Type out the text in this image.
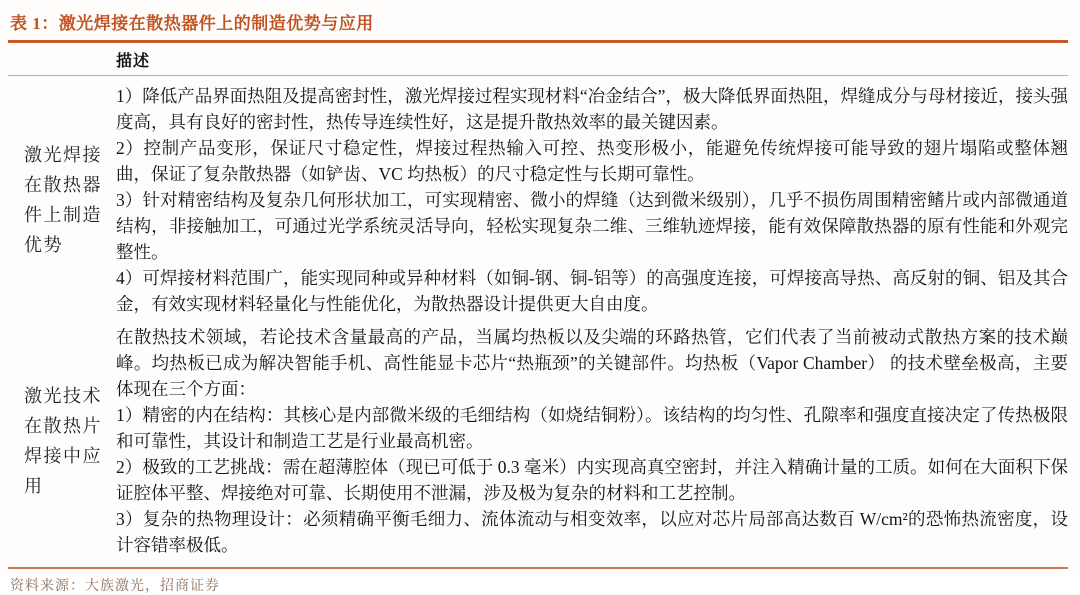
表 1：激光焊接在散热器件上的制造优势与应用
描述
激光焊接在散热器件上制造优势

1）降低产品界面热阻及提高密封性，激光焊接过程实现材料“冶金结合”，极大降低界面热阻，焊缝成分与母材接近，接头强度高，具有良好的密封性，热传导连续性好，这是提升散热效率的最关键因素。

2）控制产品变形，保证尺寸稳定性，焊接过程热输入可控、热变形极小，能避免传统焊接可能导致的翅片塌陷或整体翘曲，保证了复杂散热器（如铲齿、VC 均热板）的尺寸稳定性与长期可靠性。

3）针对精密结构及复杂几何形状加工，可实现精密、微小的焊缝（达到微米级别），几乎不损伤周围精密鳍片或内部微通道结构，非接触加工，可通过光学系统灵活导向，轻松实现复杂二维、三维轨迹焊接，能有效保障散热器的原有性能和外观完整性。

4）可焊接材料范围广，能实现同种或异种材料（如铜-钢、铜-铝等）的高强度连接，可焊接高导热、高反射的铜、铝及其合金，有效实现材料轻量化与性能优化，为散热器设计提供更大自由度。

激光技术在散热片焊接中应用

在散热技术领域，若论技术含量最高的产品，当属均热板以及尖端的环路热管，它们代表了当前被动式散热方案的技术巅峰。均热板已成为解决智能手机、高性能显卡芯片“热瓶颈”的关键部件。均热板（Vapor Chamber） 的技术壁垒极高，主要体现在三个方面：

1）精密的内在结构：其核心是内部微米级的毛细结构（如烧结铜粉）。该结构的均匀性、孔隙率和强度直接决定了传热极限和可靠性，其设计和制造工艺是行业最高机密。

2）极致的工艺挑战：需在超薄腔体（现已可低于 0.3 毫米）内实现高真空密封，并注入精确计量的工质。如何在大面积下保证腔体平整、焊接绝对可靠、长期使用不泄漏，涉及极为复杂的材料和工艺控制。

3）复杂的热物理设计：必须精确平衡毛细力、流体流动与相变效率，以应对芯片局部高达数百 W/cm²的恐怖热流密度，设计容错率极低。

资料来源：大族激光，招商证券
